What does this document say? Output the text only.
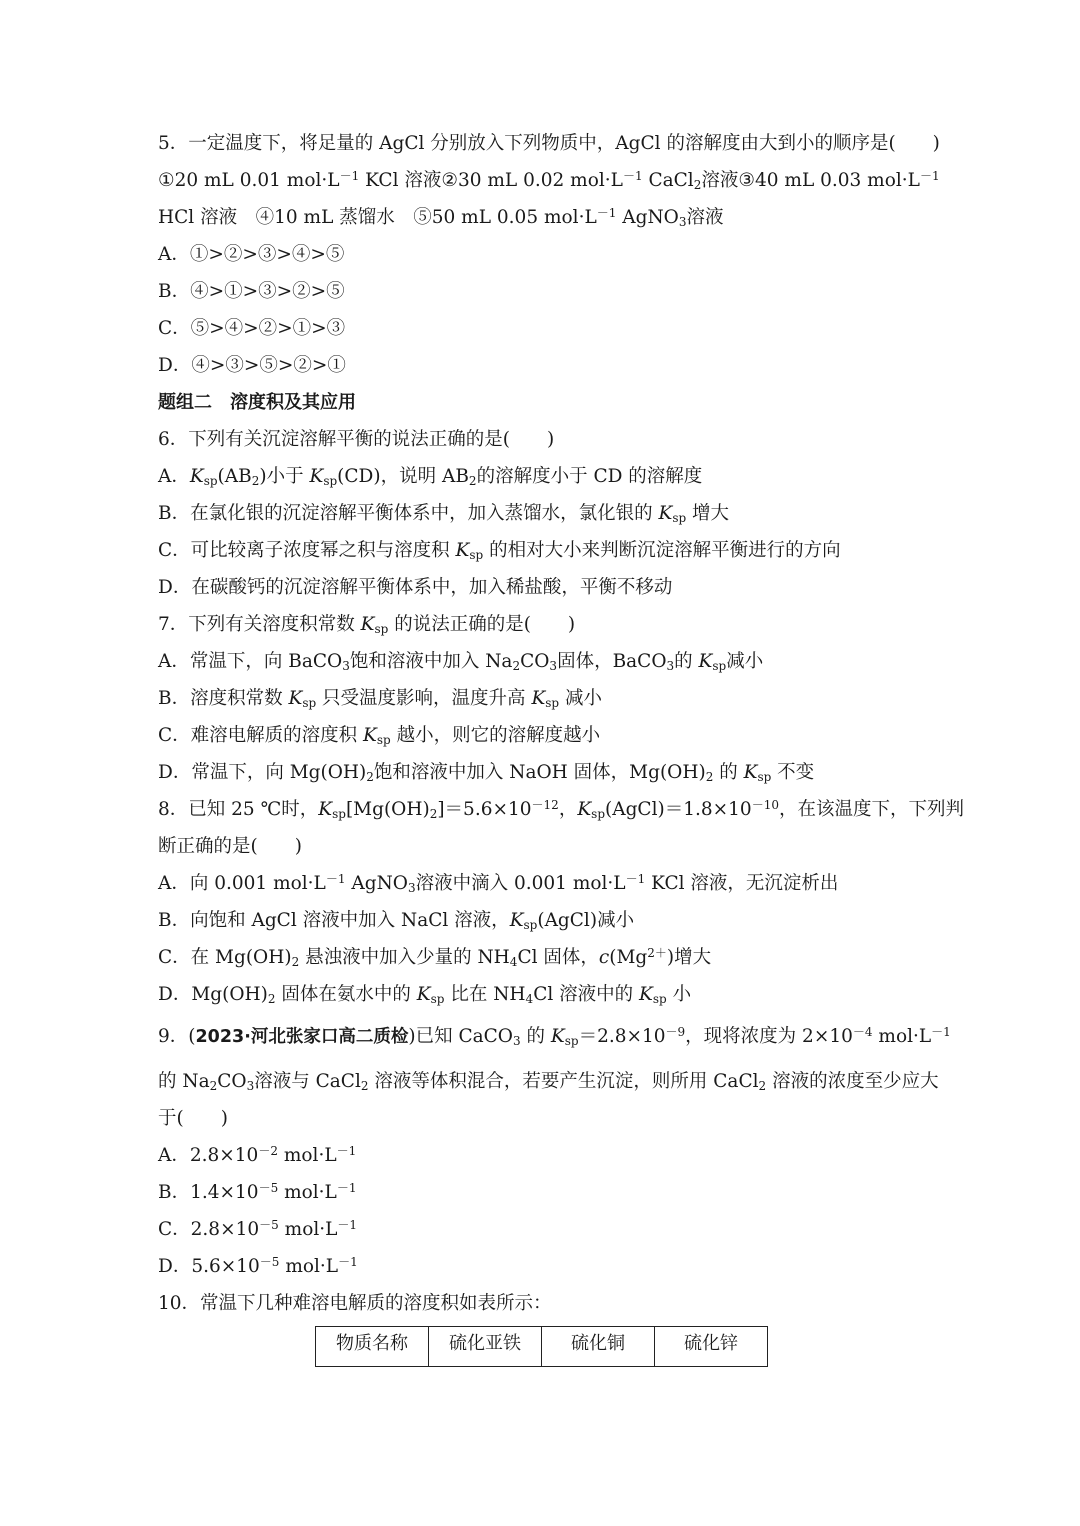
5．一定温度下，将足量的 AgCl 分别放入下列物质中，AgCl 的溶解度由大到小的顺序是(　　)
①20 mL 0.01 $mol\cdot L^{-1}$ KCl 溶液 ②30 mL 0.02 $mol\cdot L^{-1}$ CaCl$_2$溶液 ③40 mL 0.03 $mol\cdot L^{-1}$
HCl 溶液　 ④10 mL 蒸馏水　 ⑤50 mL 0.05 $mol\cdot L^{-1}$ AgNO$_3$溶液
A．①>②>③>④>⑤
B．④>①>③>②>⑤
C．⑤>④>②>①>③
D．④>③>⑤>②>①
题组二　溶度积及其应用
6．下列有关沉淀溶解平衡的说法正确的是(　　)
A．$K_{sp}(AB_2)$小于 $K_{sp}(CD)$，说明 $AB_2$的溶解度小于 CD 的溶解度
B．在氯化银的沉淀溶解平衡体系中，加入蒸馏水，氯化银的 $K_{sp}$ 增大
C．可比较离子浓度幂之积与溶度积 $K_{sp}$ 的相对大小来判断沉淀溶解平衡进行的方向
D．在碳酸钙的沉淀溶解平衡体系中，加入稀盐酸，平衡不移动
7．下列有关溶度积常数 $K_{sp}$ 的说法正确的是(　　)
A．常温下，向 BaCO$_3$饱和溶液中加入 $Na_2CO_3$固体，BaCO$_3$的 $K_{sp}$减小
B．溶度积常数 $K_{sp}$ 只受温度影响，温度升高 $K_{sp}$ 减小
C．难溶电解质的溶度积 $K_{sp}$ 越小，则它的溶解度越小
D．常温下，向 $Mg(OH)_2$饱和溶液中加入 NaOH 固体，$Mg(OH)_2$ 的 $K_{sp}$ 不变
8．已知 25 ℃时，$K_{sp}[Mg(OH)_2]=5.6\times 10^{-12}$，$K_{sp}(AgCl)=1.8\times 10^{-10}$，在该温度下，下列判
断正确的是(　　)
A．向 0.001 $mol\cdot L^{-1}$ AgNO$_3$溶液中滴入 0.001 $mol\cdot L^{-1}$ KCl 溶液，无沉淀析出
B．向饱和 AgCl 溶液中加入 NaCl 溶液，$K_{sp}(AgCl)$减小
C．在 $Mg(OH)_2$ 悬浊液中加入少量的 $NH_4Cl$ 固体，$c(Mg^{2+})$增大
D．$Mg(OH)_2$ 固体在氨水中的 $K_{sp}$ 比在 $NH_4Cl$ 溶液中的 $K_{sp}$ 小
9．(2023·河北张家口高二质检)已知 CaCO$_3$ 的 $K_{sp}=2.8\times 10^{-9}$，现将浓度为 $2\times 10^{-4}$ $mol\cdot L^{-1}$
的 $Na_2CO_3$溶液与 CaCl$_2$ 溶液等体积混合，若要产生沉淀，则所用 CaCl$_2$ 溶液的浓度至少应大
于(　　)
A．$2.8\times 10^{-2}$ $mol\cdot L^{-1}$
B．$1.4\times 10^{-5}$ $mol\cdot L^{-1}$
C．$2.8\times 10^{-5}$ $mol\cdot L^{-1}$
D．$5.6\times 10^{-5}$ $mol\cdot L^{-1}$
10．常温下几种难溶电解质的溶度积如表所示：
物质名称	硫化亚铁	硫化铜	硫化锌
